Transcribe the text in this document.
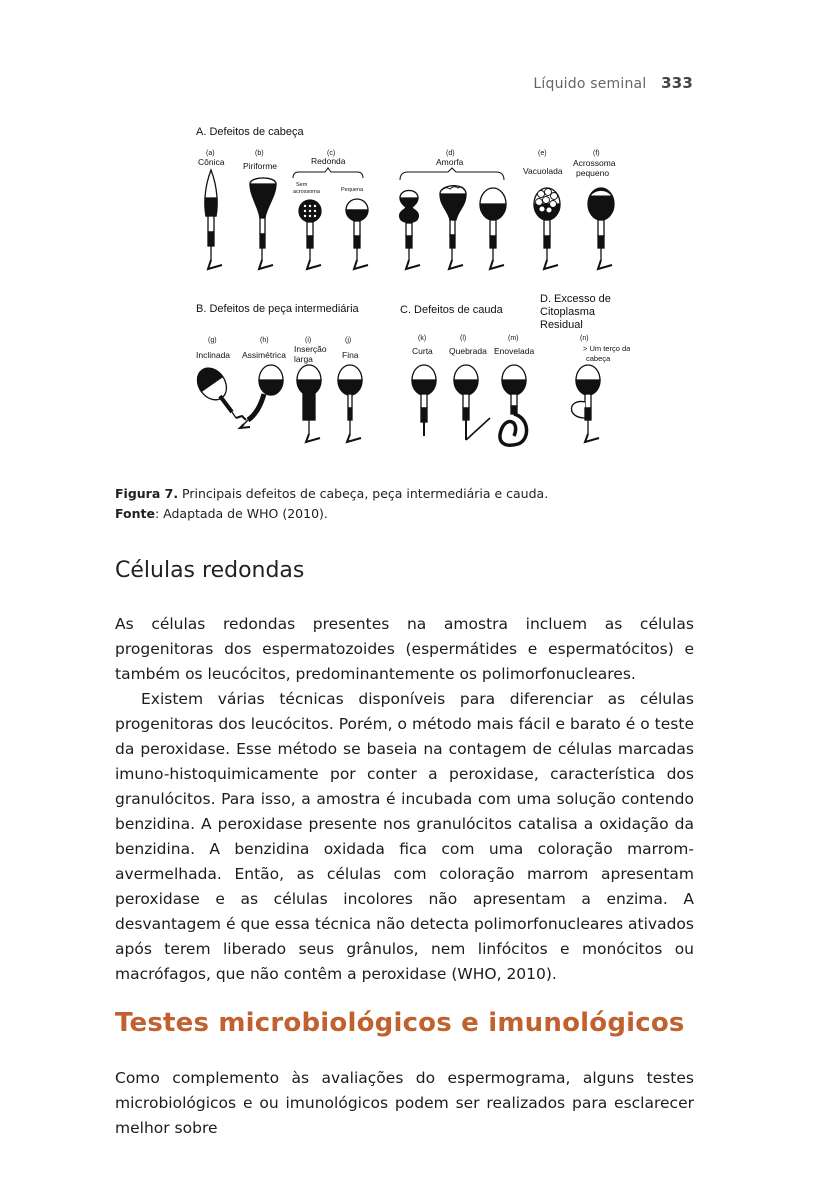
Líquido seminal 333
A. Defeitos de cabeça
(a)
Cônica
(b)
Piriforme
(c)
Redonda
Sem
acrossoma	Pequena
(d)
Amorfa
(e)
Vacuolada
(f)
Acrossoma
pequeno
B. Defeitos de peça intermediária	C. Defeitos de cauda
D. Excesso de
Citoplasma
Residual
(g)
Inclinada
(h)
Assimétrica
(i)
Inserção
larga
(j)
Fina
(k)
Curta
(l)
Quebrada
(m)
Enovelada
(n)
> Um terço da
cabeça
Figura 7. Principais defeitos de cabeça, peça intermediária e cauda.
Fonte: Adaptada de WHO (2010).
Células redondas

As células redondas presentes na amostra incluem as células progenitoras dos espermatozoides (espermátides e espermatócitos) e também os leucócitos, predominantemente os polimorfonucleares.

Existem várias técnicas disponíveis para diferenciar as células progenitoras dos leucócitos. Porém, o método mais fácil e barato é o teste da peroxidase. Esse método se baseia na contagem de células marcadas imuno-histoquimicamente por conter a peroxidase, característica dos granulócitos. Para isso, a amostra é incubada com uma solução contendo benzidina. A peroxidase presente nos granulócitos catalisa a oxidação da benzidina. A benzidina oxidada fica com uma coloração marrom-avermelhada. Então, as células com coloração marrom apresentam peroxidase e as células incolores não apresentam a enzima. A desvantagem é que essa técnica não detecta polimorfonucleares ativados após terem liberado seus grânulos, nem linfócitos e monócitos ou macrófagos, que não contêm a peroxidase (WHO, 2010).

Testes microbiológicos e imunológicos

Como complemento às avaliações do espermograma, alguns testes microbiológicos e ou imunológicos podem ser realizados para esclarecer melhor sobre
